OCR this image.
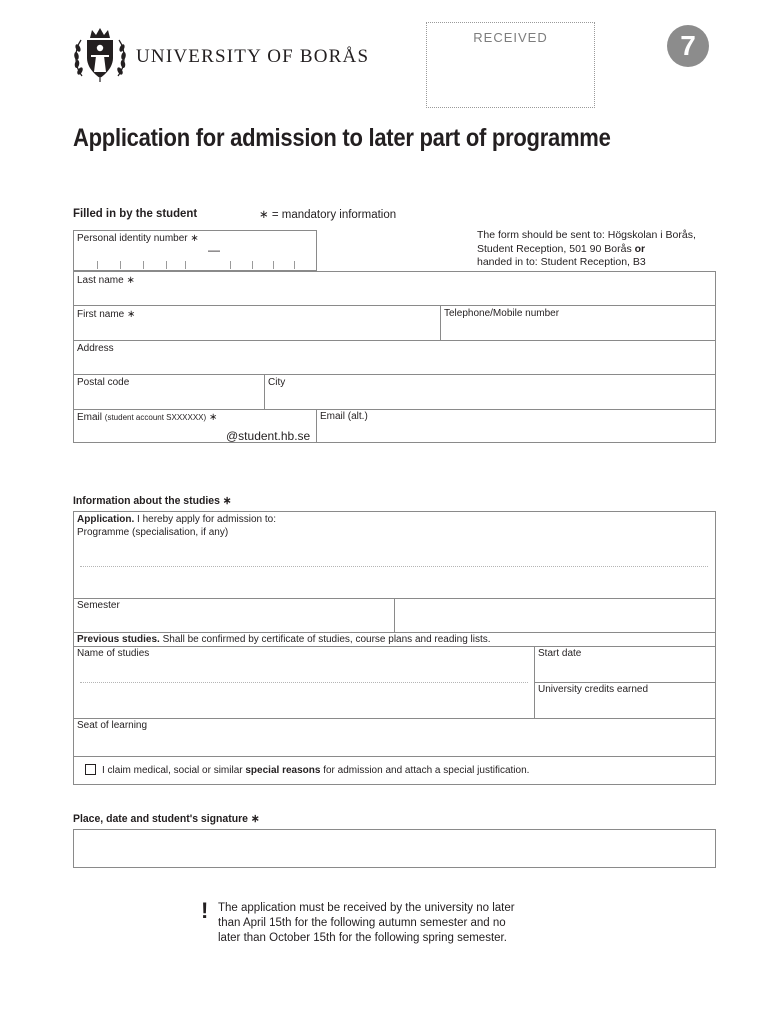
UNIVERSITY OF BORÅS
RECEIVED	7
Application for admission to later part of programme
Filled in by the student	∗ = mandatory information
The form should be sent to: Högskolan i Borås,
Student Reception, 501 90 Borås or
handed in to: Student Reception, B3
Personal identity number ∗
—
Last name ∗
First name ∗	Telephone/Mobile number
Address
Postal code	City
Email (student account SXXXXXX) ∗
@student.hb.se
Email (alt.)
Information about the studies ∗
Application. I hereby apply for admission to:
Programme (specialisation, if any)
Semester
Previous studies. Shall be confirmed by certificate of studies, course plans and reading lists.
Name of studies	Start date
University credits earned
Seat of learning
I claim medical, social or similar special reasons for admission and attach a special justification.
Place, date and student's signature ∗
! The application must be received by the university no later
than April 15th for the following autumn semester and no
later than October 15th for the following spring semester.
